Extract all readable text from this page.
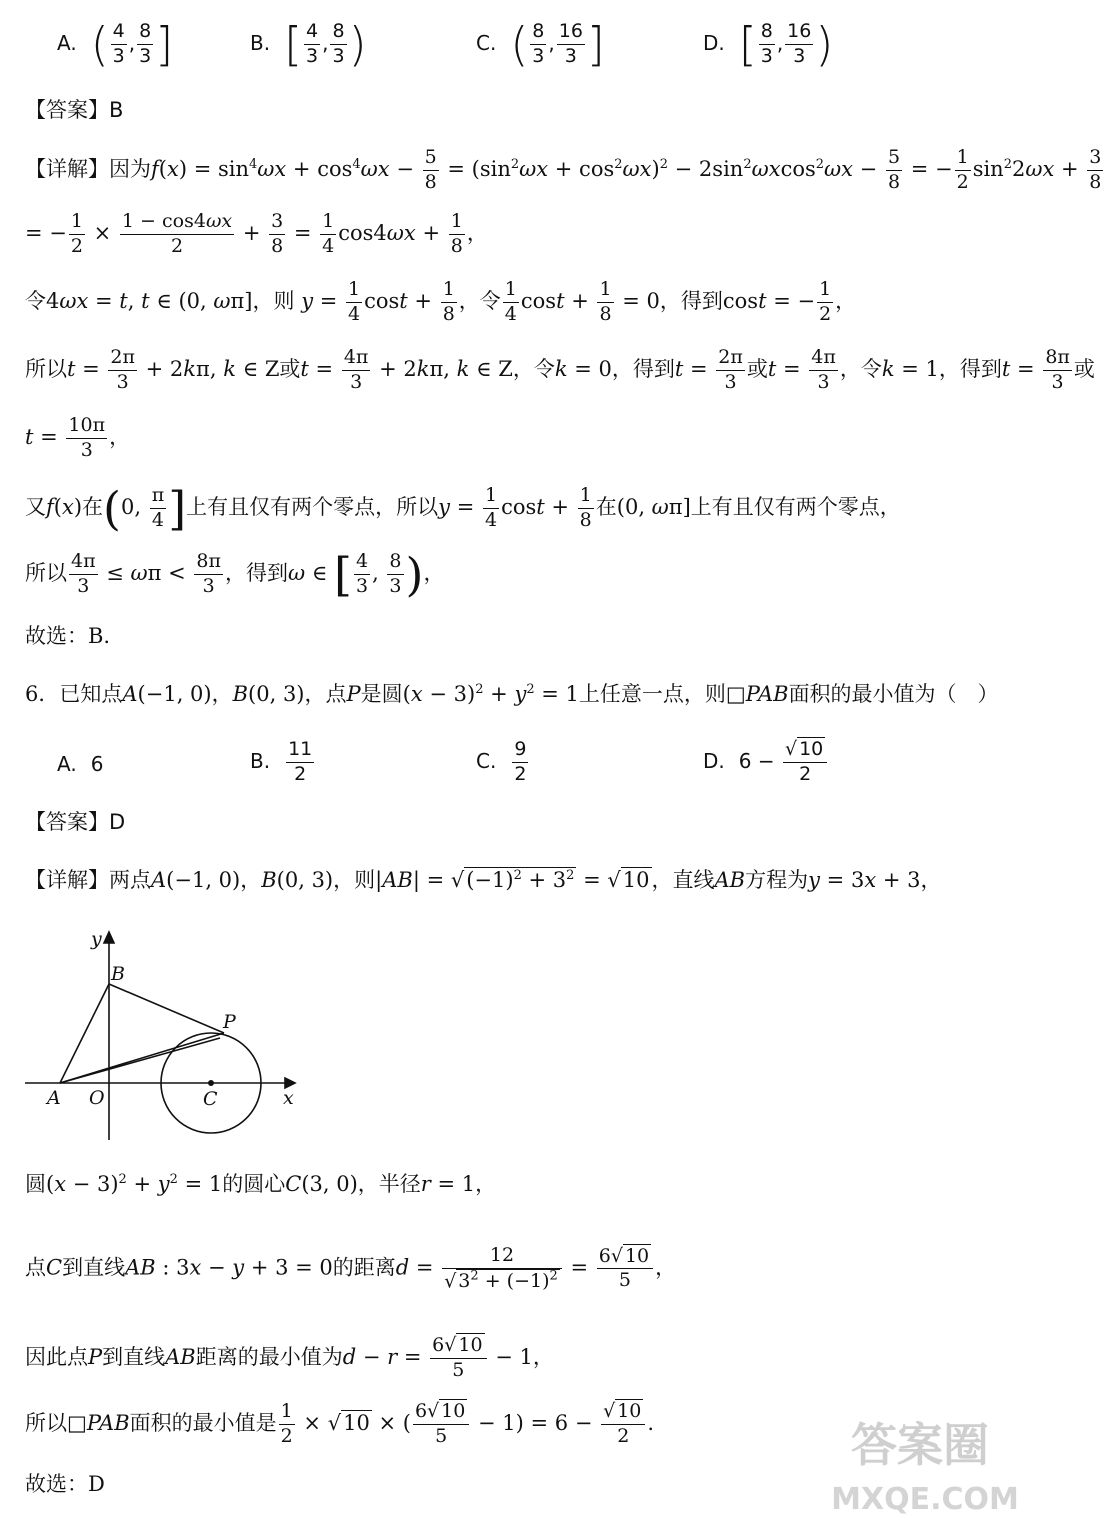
A. ( $\frac{4}{3}$ , $\frac{8}{3}$ ]	B. [ $\frac{4}{3}$ , $\frac{8}{3}$ )	C. ( $\frac{8}{3}$ , $\frac{16}{3}$ ]	D. [ $\frac{8}{3}$ , $\frac{16}{3}$ )
【答案】B
【详解】因为$f(x) = \sin^4\omega x + \cos^4\omega x - \frac{5}{8} = (\sin^2\omega x + \cos^2\omega x)^2 - 2\sin^2\omega xcos^2\omega x - \frac{5}{8}$ = − $\frac{1}{2} \sin^22\omega x + \frac{3}{8}$
= − $\frac{1}{2} \times \frac{1 - \cos 4\omega x}{2} + \frac{3}{8} = \frac{1}{4} \cos 4\omega x + \frac{1}{8}$ ，
令4ωx = t, t ∈ (0, ωπ]，则 $y = \frac{1}{4}$ $\cos t + \frac{1}{8}$ ，令 $\frac{1}{4}$ $\cos t + \frac{1}{8} = 0$，得到cost = − $\frac{1}{2}$ ，
所以$t = \frac{2\pi}{3} + 2k\pi$, k ∈ Z或$t = \frac{4\pi}{3} + 2k\pi$, k ∈ Z，令k = 0，得到$t = \frac{2\pi}{3}$ 或$t = \frac{4\pi}{3}$ ，令k = 1，得到$t = \frac{8\pi}{3}$ 或
$t = \frac{10\pi}{3}$ ，
又f(x)在(0, $\frac{\pi}{4}$ ]上有且仅有两个零点，所以$y = \frac{1}{4}$ $\cos t + \frac{1}{8}$ 在(0, ωπ]上有且仅有两个零点，
所以 $\frac{4\pi}{3} \le \omega\pi < \frac{8\pi}{3}$ ，得到ω ∈ [ $\frac{4}{3}$ , $\frac{8}{3}$ )，
故选：B.
6．已知点A(−1, 0)，B(0, 3)，点P是圆$(x - 3)^2 + y^2 = 1$上任意一点，则□PAB面积的最小值为（　）
A. 6	B. $\frac{11}{2}$	C. $\frac{9}{2}$	D. $6 - \frac{√ 10}{2}$
【答案】D
【详解】两点A(−1, 0)，B(0, 3)，则$|AB| = √(-1)^2 + 3^2 = √10$，直线AB方程为y = 3x + 3，
y
x
B
P
A O	C
圆$(x - 3)^2 + y^2 = 1$的圆心C(3, 0)，半径r = 1，
点C到直线AB : 3x − y + 3 = 0的距离$d = \frac{12}{√ 3^2 + (-1)^2} = \frac{6√ 10}{5}$ ，
因此点P到直线AB距离的最小值为$d - r = \frac{6√ 10}{5} - 1$，
所以□PAB面积的最小值是 $\frac{1}{2} \times √10$ × ( $\frac{6√ 10}{5} - 1) = 6 - \frac{√ 10}{2}$ .
故选：D
答案圈
MXQE.COM
